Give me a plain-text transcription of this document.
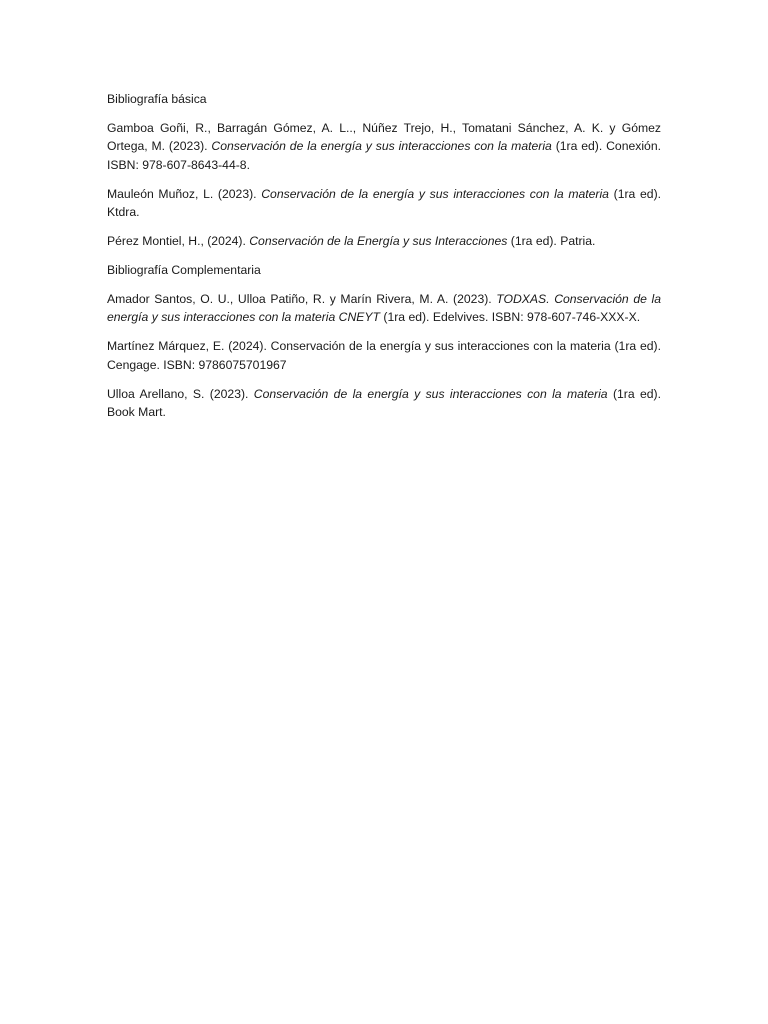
Bibliografía básica

Gamboa Goñi, R., Barragán Gómez, A. L.., Núñez Trejo, H., Tomatani Sánchez, A. K. y Gómez Ortega, M. (2023). Conservación de la energía y sus interacciones con la materia (1ra ed). Conexión. ISBN: 978-607-8643-44-8.

Mauleón Muñoz, L. (2023). Conservación de la energía y sus interacciones con la materia (1ra ed). Ktdra.

Pérez Montiel, H., (2024). Conservación de la Energía y sus Interacciones (1ra ed). Patria.

Bibliografía Complementaria

Amador Santos, O. U., Ulloa Patiño, R. y Marín Rivera, M. A. (2023). TODXAS. Conservación de la energía y sus interacciones con la materia CNEYT (1ra ed). Edelvives. ISBN: 978-607-746-XXX-X.

Martínez Márquez, E. (2024). Conservación de la energía y sus interacciones con la materia (1ra ed). Cengage. ISBN: 9786075701967

Ulloa Arellano, S. (2023). Conservación de la energía y sus interacciones con la materia (1ra ed). Book Mart.
